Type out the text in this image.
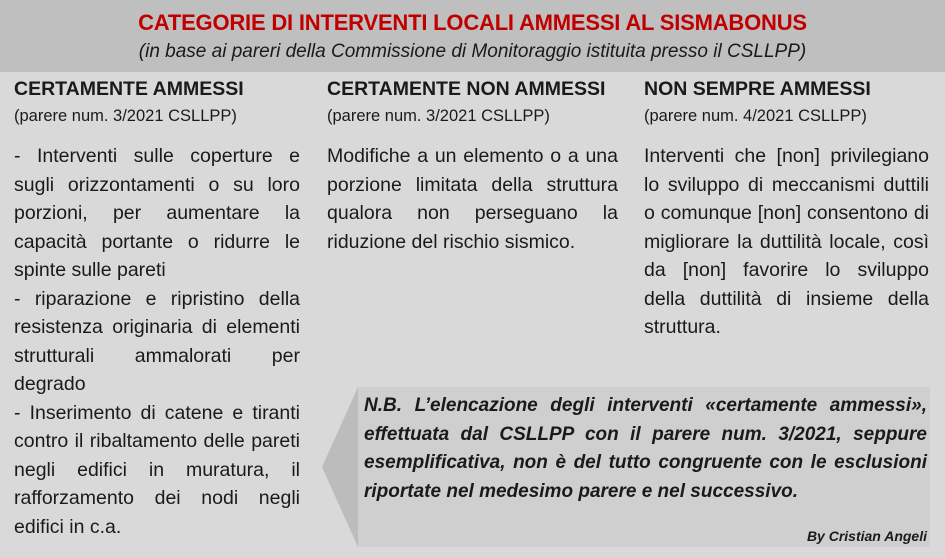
CATEGORIE DI INTERVENTI LOCALI AMMESSI AL SISMABONUS
(in base ai pareri della Commissione di Monitoraggio istituita presso il CSLLPP)
CERTAMENTE AMMESSI
(parere num. 3/2021 CSLLPP)

- Interventi sulle coperture e sugli orizzontamenti o su loro porzioni, per aumentare la capacità portante o ridurre le spinte sulle pareti

- riparazione e ripristino della resistenza originaria di elementi strutturali ammalorati per degrado

- Inserimento di catene e tiranti contro il ribaltamento delle pareti negli edifici in muratura, il rafforzamento dei nodi negli edifici in c.a.

CERTAMENTE NON AMMESSI
(parere num. 3/2021 CSLLPP)

Modifiche a un elemento o a una porzione limitata della struttura qualora non perseguano la riduzione del rischio sismico.

NON SEMPRE AMMESSI
(parere num. 4/2021 CSLLPP)

Interventi che [non] privilegiano lo sviluppo di meccanismi duttili o comunque [non] consentono di migliorare la duttilità locale, così da [non] favorire lo sviluppo della duttilità di insieme della struttura.

N.B. L’elencazione degli interventi «certamente ammessi», effettuata dal CSLLPP con il parere num. 3/2021, seppure esemplificativa, non è del tutto congruente con le esclusioni riportate nel medesimo parere e nel successivo.
By Cristian Angeli
